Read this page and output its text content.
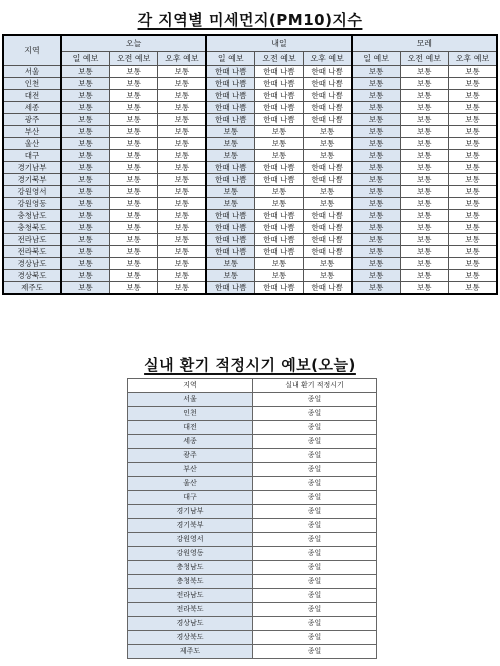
각 지역별 미세먼지(PM10)지수
지역	오늘			내일			모레		
	일 예보	오전 예보	오후 예보	일 예보	오전 예보	오후 예보	일 예보	오전 예보	오후 예보
서울	보통	보통	보통	한때 나쁨	한때 나쁨	한때 나쁨	보통	보통	보통
인천	보통	보통	보통	한때 나쁨	한때 나쁨	한때 나쁨	보통	보통	보통
대전	보통	보통	보통	한때 나쁨	한때 나쁨	한때 나쁨	보통	보통	보통
세종	보통	보통	보통	한때 나쁨	한때 나쁨	한때 나쁨	보통	보통	보통
광주	보통	보통	보통	한때 나쁨	한때 나쁨	한때 나쁨	보통	보통	보통
부산	보통	보통	보통	보통	보통	보통	보통	보통	보통
울산	보통	보통	보통	보통	보통	보통	보통	보통	보통
대구	보통	보통	보통	보통	보통	보통	보통	보통	보통
경기남부	보통	보통	보통	한때 나쁨	한때 나쁨	한때 나쁨	보통	보통	보통
경기북부	보통	보통	보통	한때 나쁨	한때 나쁨	한때 나쁨	보통	보통	보통
강원영서	보통	보통	보통	보통	보통	보통	보통	보통	보통
강원영동	보통	보통	보통	보통	보통	보통	보통	보통	보통
충청남도	보통	보통	보통	한때 나쁨	한때 나쁨	한때 나쁨	보통	보통	보통
충청북도	보통	보통	보통	한때 나쁨	한때 나쁨	한때 나쁨	보통	보통	보통
전라남도	보통	보통	보통	한때 나쁨	한때 나쁨	한때 나쁨	보통	보통	보통
전라북도	보통	보통	보통	한때 나쁨	한때 나쁨	한때 나쁨	보통	보통	보통
경상남도	보통	보통	보통	보통	보통	보통	보통	보통	보통
경상북도	보통	보통	보통	보통	보통	보통	보통	보통	보통
제주도	보통	보통	보통	한때 나쁨	한때 나쁨	한때 나쁨	보통	보통	보통
실내 환기 적정시기 예보(오늘)
지역	실내 환기 적정시기
서울	종일
인천	종일
대전	종일
세종	종일
광주	종일
부산	종일
울산	종일
대구	종일
경기남부	종일
경기북부	종일
강원영서	종일
강원영동	종일
충청남도	종일
충청북도	종일
전라남도	종일
전라북도	종일
경상남도	종일
경상북도	종일
제주도	종일
